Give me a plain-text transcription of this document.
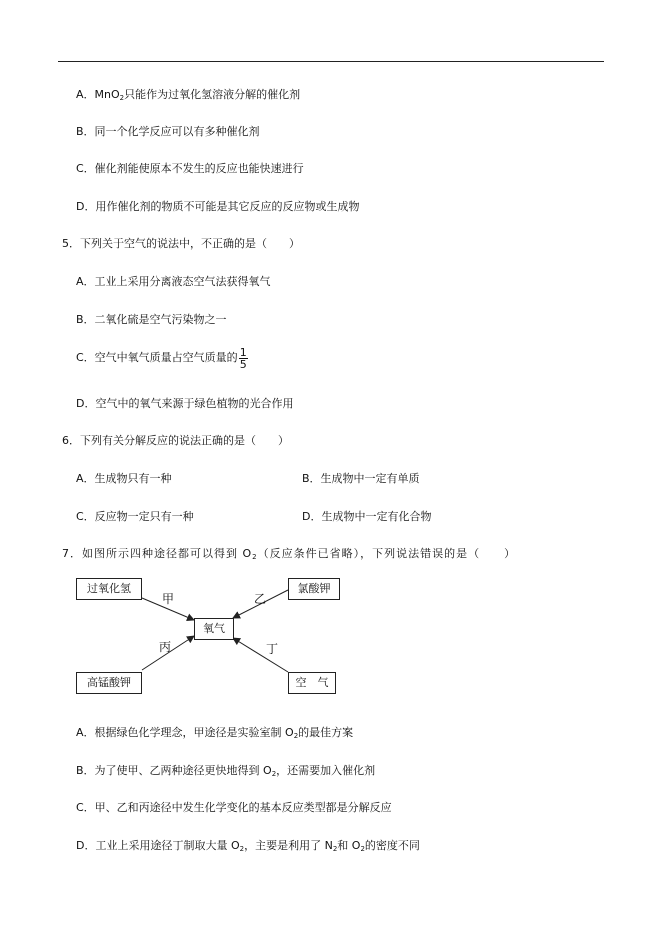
A．MnO$_2$只能作为过氧化氢溶液分解的催化剂
B．同一个化学反应可以有多种催化剂
C．催化剂能使原本不发生的反应也能快速进行
D．用作催化剂的物质不可能是其它反应的反应物或生成物
5．下列关于空气的说法中，不正确的是（　　）
A．工业上采用分离液态空气法获得氧气
B．二氧化硫是空气污染物之一
C．空气中氧气质量占空气质量的 $\frac{1}{5}$
D．空气中的氧气来源于绿色植物的光合作用
6．下列有关分解反应的说法正确的是（　　）
A．生成物只有一种	B．生成物中一定有单质
C．反应物一定只有一种	D．生成物中一定有化合物
7．如图所示四种途径都可以得到 $O_2$（反应条件已省略），下列说法错误的是（　　）
过氧化氢	氯酸钾
氧气
高锰酸钾	空　气
甲	乙
丙	丁
A．根据绿色化学理念，甲途径是实验室制 $O_2$的最佳方案
B．为了使甲、乙两种途径更快地得到 $O_2$，还需要加入催化剂
C．甲、乙和丙途径中发生化学变化的基本反应类型都是分解反应
D．工业上采用途径丁制取大量 $O_2$，主要是利用了 $N_2$和 $O_2$的密度不同
